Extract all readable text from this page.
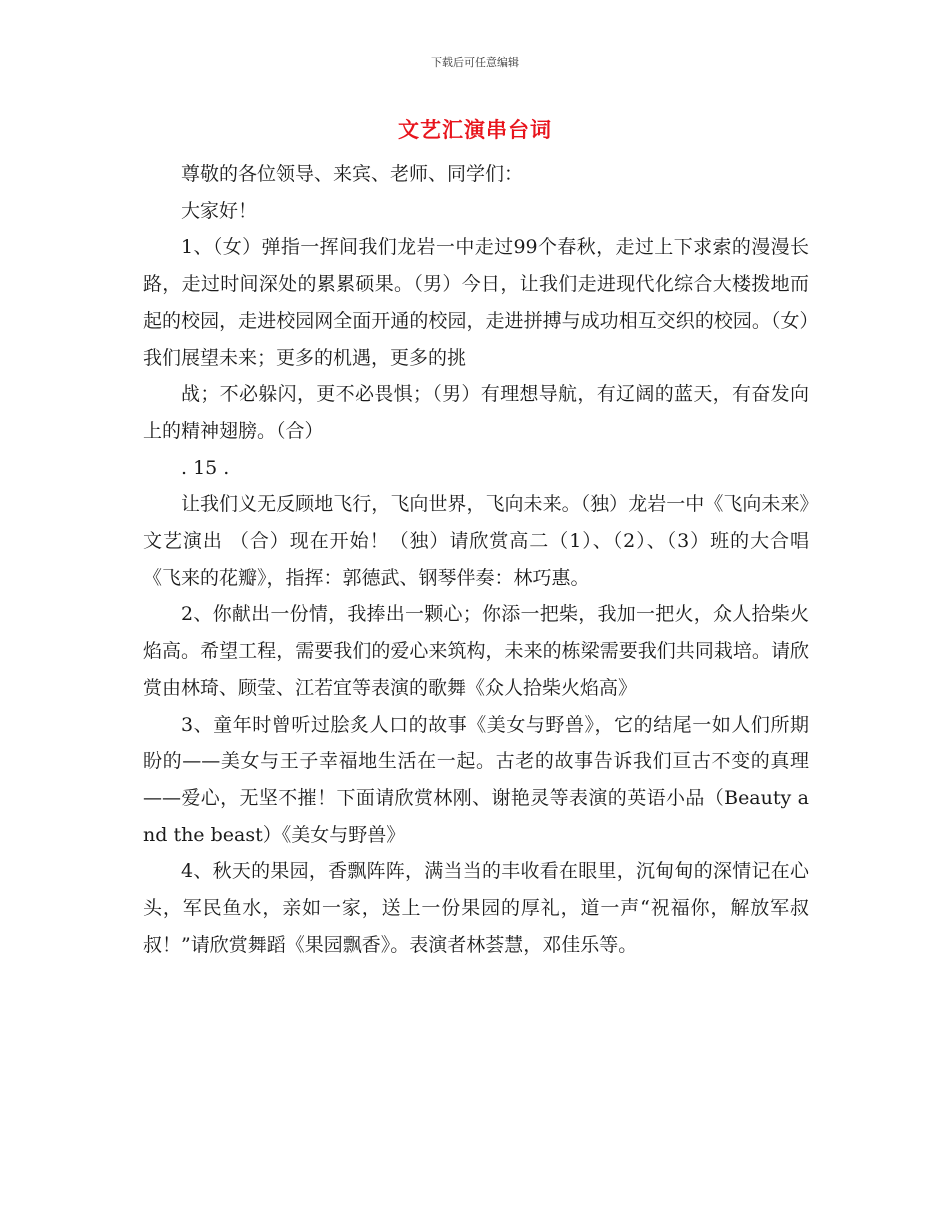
下载后可任意编辑
文艺汇演串台词

尊敬的各位领导、来宾、老师、同学们：

大家好！

1、（女）弹指一挥间我们龙岩一中走过99个春秋，走过上下求索的漫漫长路，走过时间深处的累累硕果。（男）今日，让我们走进现代化综合大楼拨地而起的校园，走进校园网全面开通的校园，走进拼搏与成功相互交织的校园。（女）我们展望未来；更多的机遇，更多的挑

战；不必躲闪，更不必畏惧；（男）有理想导航，有辽阔的蓝天，有奋发向上的精神翅膀。（合）

. 15 .

让我们义无反顾地飞行，飞向世界，飞向未来。（独）龙岩一中《飞向未来》文艺演出 （合）现在开始！（独）请欣赏高二（1）、（2）、（3）班的大合唱《飞来的花瓣》，指挥：郭德武、钢琴伴奏：林巧惠。

2、你献出一份情，我捧出一颗心；你添一把柴，我加一把火，众人拾柴火焰高。希望工程，需要我们的爱心来筑构，未来的栋梁需要我们共同栽培。请欣赏由林琦、顾莹、江若宜等表演的歌舞《众人拾柴火焰高》

3、童年时曾听过脍炙人口的故事《美女与野兽》，它的结尾一如人们所期盼的——美女与王子幸福地生活在一起。古老的故事告诉我们亘古不变的真理——爱心，无坚不摧！下面请欣赏林刚、谢艳灵等表演的英语小品（Beauty and the beast）《美女与野兽》

4、秋天的果园，香飘阵阵，满当当的丰收看在眼里，沉甸甸的深情记在心头，军民鱼水，亲如一家，送上一份果园的厚礼，道一声“祝福你，解放军叔叔！”请欣赏舞蹈《果园飘香》。表演者林荟慧，邓佳乐等。
